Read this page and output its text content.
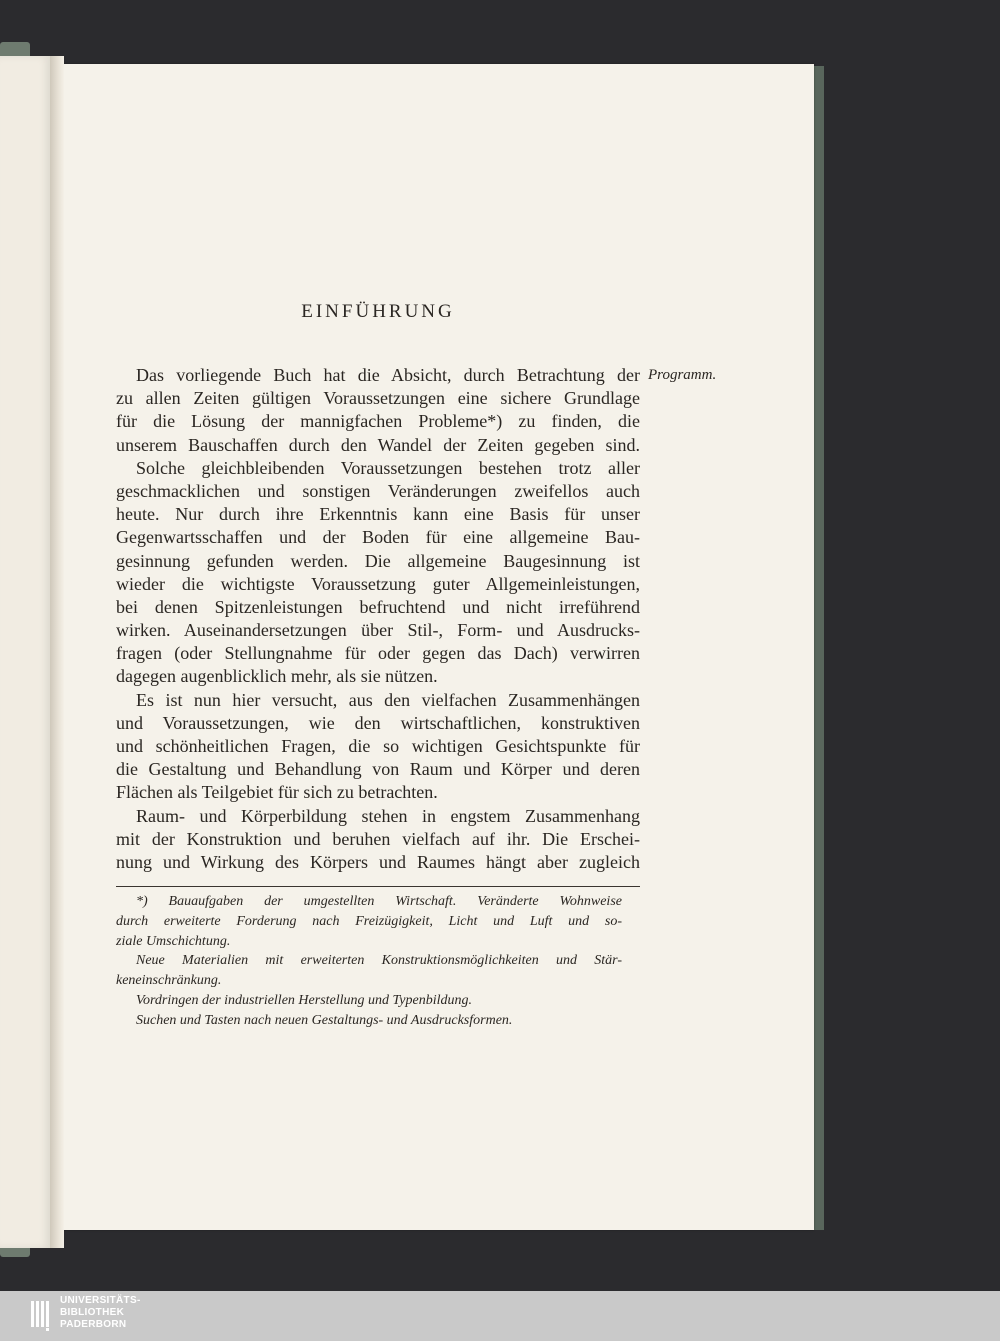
EINFÜHRUNG
Programm.
Das vorliegende Buch hat die Absicht, durch Betrachtung der
zu allen Zeiten gültigen Voraussetzungen eine sichere Grundlage
für die Lösung der mannigfachen Probleme*) zu finden, die
unserem Bauschaffen durch den Wandel der Zeiten gegeben sind.
Solche gleichbleibenden Voraussetzungen bestehen trotz aller
geschmacklichen und sonstigen Veränderungen zweifellos auch
heute. Nur durch ihre Erkenntnis kann eine Basis für unser
Gegenwartsschaffen und der Boden für eine allgemeine Bau-
gesinnung gefunden werden. Die allgemeine Baugesinnung ist
wieder die wichtigste Voraussetzung guter Allgemeinleistungen,
bei denen Spitzenleistungen befruchtend und nicht irreführend
wirken. Auseinandersetzungen über Stil-, Form- und Ausdrucks-
fragen (oder Stellungnahme für oder gegen das Dach) verwirren
dagegen augenblicklich mehr, als sie nützen.
Es ist nun hier versucht, aus den vielfachen Zusammenhängen
und Voraussetzungen, wie den wirtschaftlichen, konstruktiven
und schönheitlichen Fragen, die so wichtigen Gesichtspunkte für
die Gestaltung und Behandlung von Raum und Körper und deren
Flächen als Teilgebiet für sich zu betrachten.
Raum- und Körperbildung stehen in engstem Zusammenhang
mit der Konstruktion und beruhen vielfach auf ihr. Die Erschei-
nung und Wirkung des Körpers und Raumes hängt aber zugleich
*) Bauaufgaben der umgestellten Wirtschaft. Veränderte Wohnweise
durch erweiterte Forderung nach Freizügigkeit, Licht und Luft und so-
ziale Umschichtung.
Neue Materialien mit erweiterten Konstruktionsmöglichkeiten und Stär-
keneinschränkung.
Vordringen der industriellen Herstellung und Typenbildung.
Suchen und Tasten nach neuen Gestaltungs- und Ausdrucksformen.
UNIVERSITÄTS-
BIBLIOTHEK
PADERBORN
